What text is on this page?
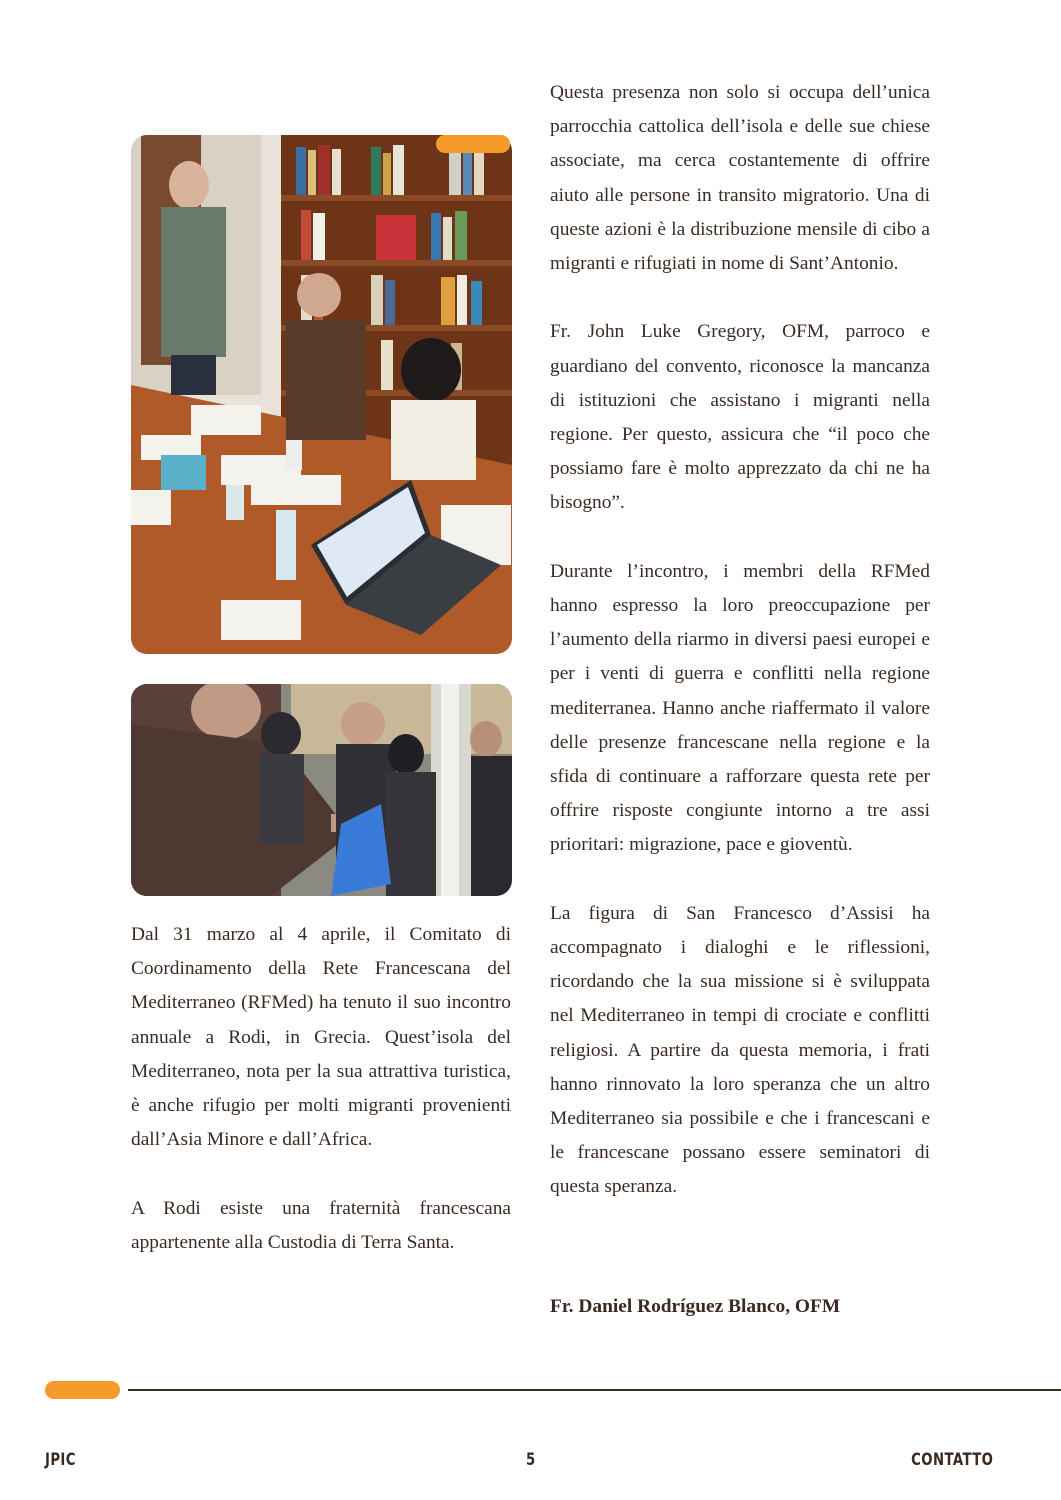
Dal 31 marzo al 4 aprile, il Comitato di Coordinamento della Rete Francescana del Mediterraneo (RFMed) ha tenuto il suo incontro annuale a Rodi, in Grecia. Quest’isola del Mediterraneo, nota per la sua attrattiva turistica, è anche rifugio per molti migranti provenienti dall’Asia Minore e dall’Africa.

A Rodi esiste una fraternità francescana appartenente alla Custodia di Terra Santa.

Questa presenza non solo si occupa dell’unica parrocchia cattolica dell’isola e delle sue chiese associate, ma cerca costantemente di offrire aiuto alle persone in transito migratorio. Una di queste azioni è la distribuzione mensile di cibo a migranti e rifugiati in nome di Sant’Antonio.

Fr. John Luke Gregory, OFM, parroco e guardiano del convento, riconosce la mancanza di istituzioni che assistano i migranti nella regione. Per questo, assicura che “il poco che possiamo fare è molto apprezzato da chi ne ha bisogno”.

Durante l’incontro, i membri della RFMed hanno espresso la loro preoccupazione per l’aumento della riarmo in diversi paesi europei e per i venti di guerra e conflitti nella regione mediterranea. Hanno anche riaffermato il valore delle presenze francescane nella regione e la sfida di continuare a rafforzare questa rete per offrire risposte congiunte intorno a tre assi prioritari: migrazione, pace e gioventù.

La figura di San Francesco d’Assisi ha accompagnato i dialoghi e le riflessioni, ricordando che la sua missione si è sviluppata nel Mediterraneo in tempi di crociate e conflitti religiosi. A partire da questa memoria, i frati hanno rinnovato la loro speranza che un altro Mediterraneo sia possibile e che i francescani e le francescane possano essere seminatori di questa speranza.

Fr. Daniel Rodríguez Blanco, OFM
JPIC	5	CONTATTO
